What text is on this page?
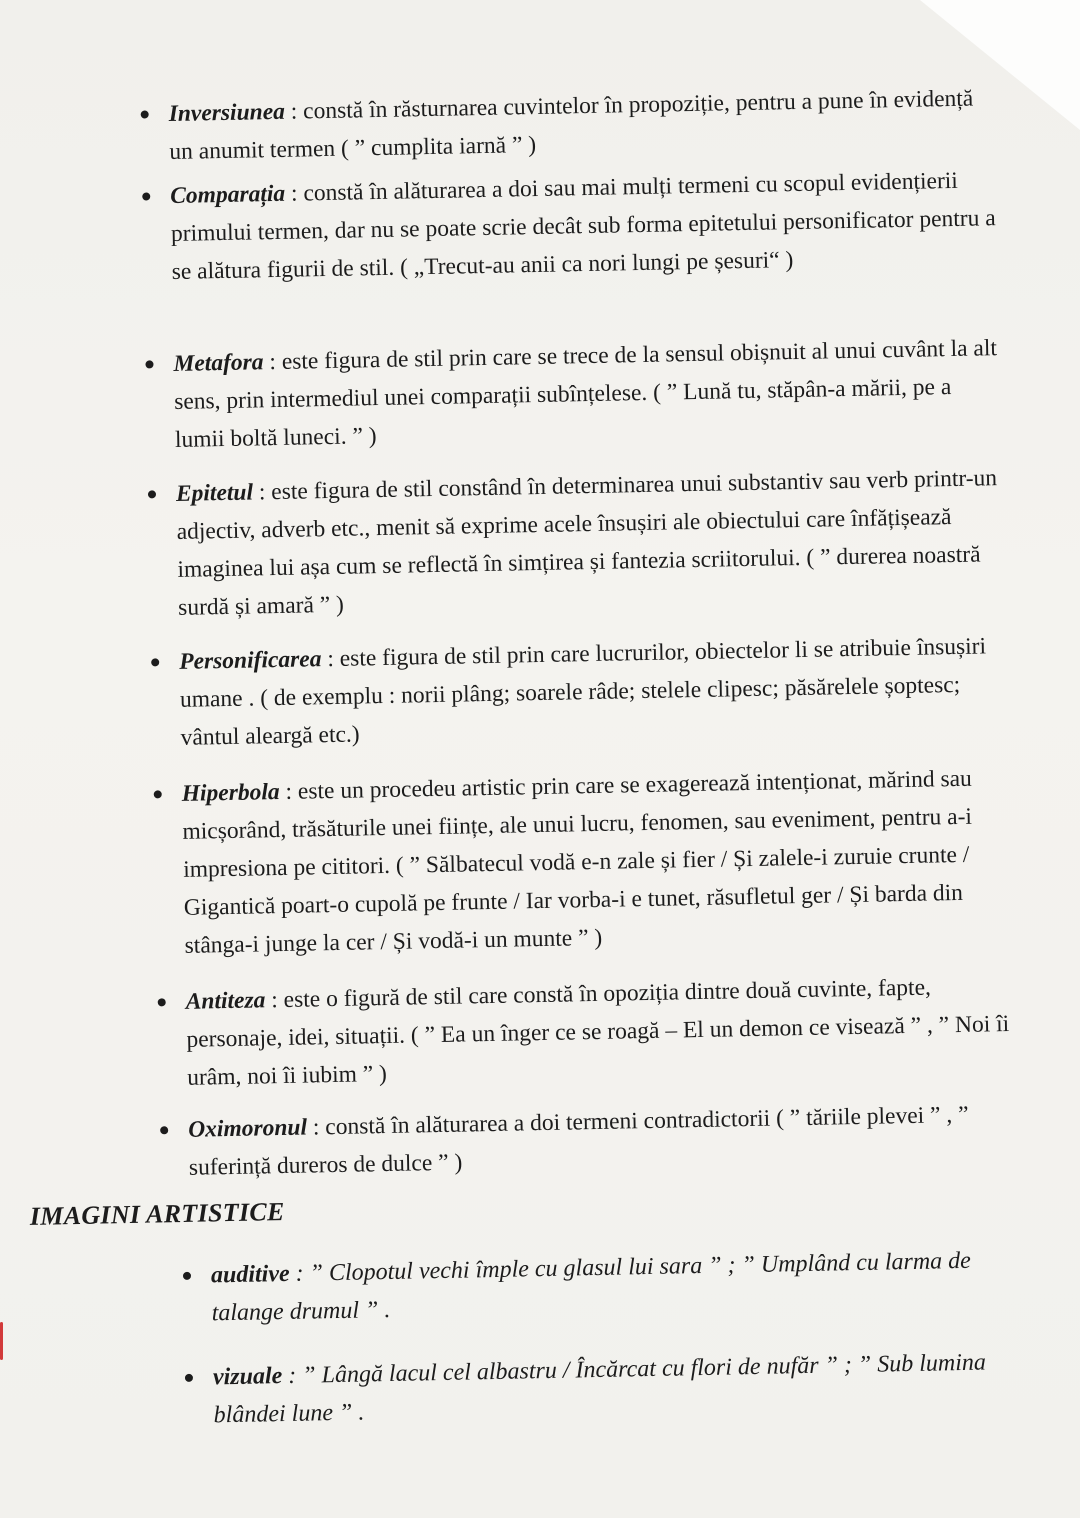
Inversiunea : constă în răsturnarea cuvintelor în propoziție, pentru a pune în evidență un anumit termen ( ” cumplita iarnă ” )
Comparația : constă în alăturarea a doi sau mai mulți termeni cu scopul evidențierii primului termen, dar nu se poate scrie decât sub forma epitetului personificator pentru a se alătura figurii de stil. ( „Trecut-au anii ca nori lungi pe șesuri“ )
Metafora : este figura de stil prin care se trece de la sensul obișnuit al unui cuvânt la alt sens, prin intermediul unei comparații subînțelese. ( ” Lună tu, stăpân-a mării, pe a lumii boltă luneci. ” )
Epitetul : este figura de stil constând în determinarea unui substantiv sau verb printr-un adjectiv, adverb etc., menit să exprime acele însușiri ale obiectului care înfățișează imaginea lui așa cum se reflectă în simțirea și fantezia scriitorului. ( ” durerea noastră surdă și amară ” )
Personificarea : este figura de stil prin care lucrurilor, obiectelor li se atribuie însușiri umane . ( de exemplu : norii plâng; soarele râde; stelele clipesc; păsărelele șoptesc; vântul aleargă etc.)
Hiperbola : este un procedeu artistic prin care se exagerează intenționat, mărind sau micșorând, trăsăturile unei ființe, ale unui lucru, fenomen, sau eveniment, pentru a-i impresiona pe cititori. ( ” Sălbatecul vodă e-n zale și fier / Și zalele-i zuruie crunte / Gigantică poart-o cupolă pe frunte / Iar vorba-i e tunet, răsufletul ger / Și barda din stânga-i junge la cer / Și vodă-i un munte ” )
Antiteza : este o figură de stil care constă în opoziția dintre două cuvinte, fapte, personaje, idei, situații. ( ” Ea un înger ce se roagă – El un demon ce visează ” , ” Noi îi urâm, noi îi iubim ” )
Oximoronul : constă în alăturarea a doi termeni contradictorii ( ” tăriile plevei ” , ” suferință dureros de dulce ” )
IMAGINI ARTISTICE
auditive : ” Clopotul vechi împle cu glasul lui sara ” ; ” Umplând cu larma de talange drumul ” .
vizuale : ” Lângă lacul cel albastru / Încărcat cu flori de nufăr ” ; ” Sub lumina blândei lune ” .
